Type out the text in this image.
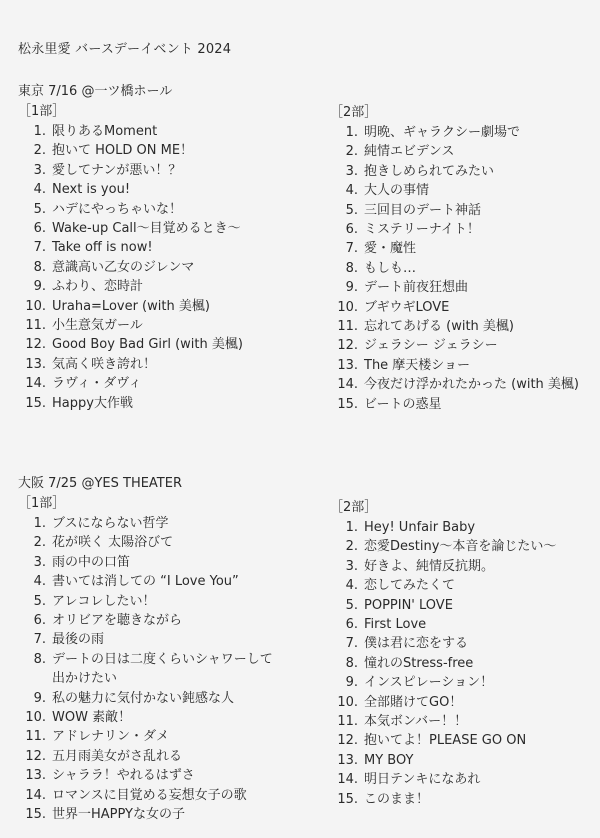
松永里愛 バースデーイベント 2024
東京 7/16 @一ツ橋ホール
［1部］
1. 限りあるMoment
2. 抱いて HOLD ON ME！
3. 愛してナンが悪い！？
4. Next is you!
5. ハデにやっちゃいな！
6. Wake-up Call～目覚めるとき～
7. Take off is now!
8. 意識高い乙女のジレンマ
9. ふわり、恋時計
10. Uraha=Lover (with 美楓)
11. 小生意気ガール
12. Good Boy Bad Girl (with 美楓)
13. 気高く咲き誇れ！
14. ラヴィ・ダヴィ
15. Happy大作戦
［2部］
1. 明晩、ギャラクシー劇場で
2. 純情エビデンス
3. 抱きしめられてみたい
4. 大人の事情
5. 三回目のデート神話
6. ミステリーナイト！
7. 愛・魔性
8. もしも…
9. デート前夜狂想曲
10. ブギウギLOVE
11. 忘れてあげる (with 美楓)
12. ジェラシー ジェラシー
13. The 摩天楼ショー
14. 今夜だけ浮かれたかった (with 美楓)
15. ビートの惑星
大阪 7/25 @YES THEATER
［1部］
1. ブスにならない哲学
2. 花が咲く 太陽浴びて
3. 雨の中の口笛
4. 書いては消しての “I Love You”
5. アレコレしたい！
6. オリビアを聴きながら
7. 最後の雨
8. デートの日は二度くらいシャワーして出かけたい
9. 私の魅力に気付かない鈍感な人
10. WOW 素敵！
11. アドレナリン・ダメ
12. 五月雨美女がさ乱れる
13. シャララ！やれるはずさ
14. ロマンスに目覚める妄想女子の歌
15. 世界一HAPPYな女の子
［2部］
1. Hey! Unfair Baby
2. 恋愛Destiny～本音を論じたい～
3. 好きよ、純情反抗期。
4. 恋してみたくて
5. POPPIN' LOVE
6. First Love
7. 僕は君に恋をする
8. 憧れのStress-free
9. インスピレーション！
10. 全部賭けてGO！
11. 本気ボンバー！！
12. 抱いてよ！PLEASE GO ON
13. MY BOY
14. 明日テンキになあれ
15. このまま！
